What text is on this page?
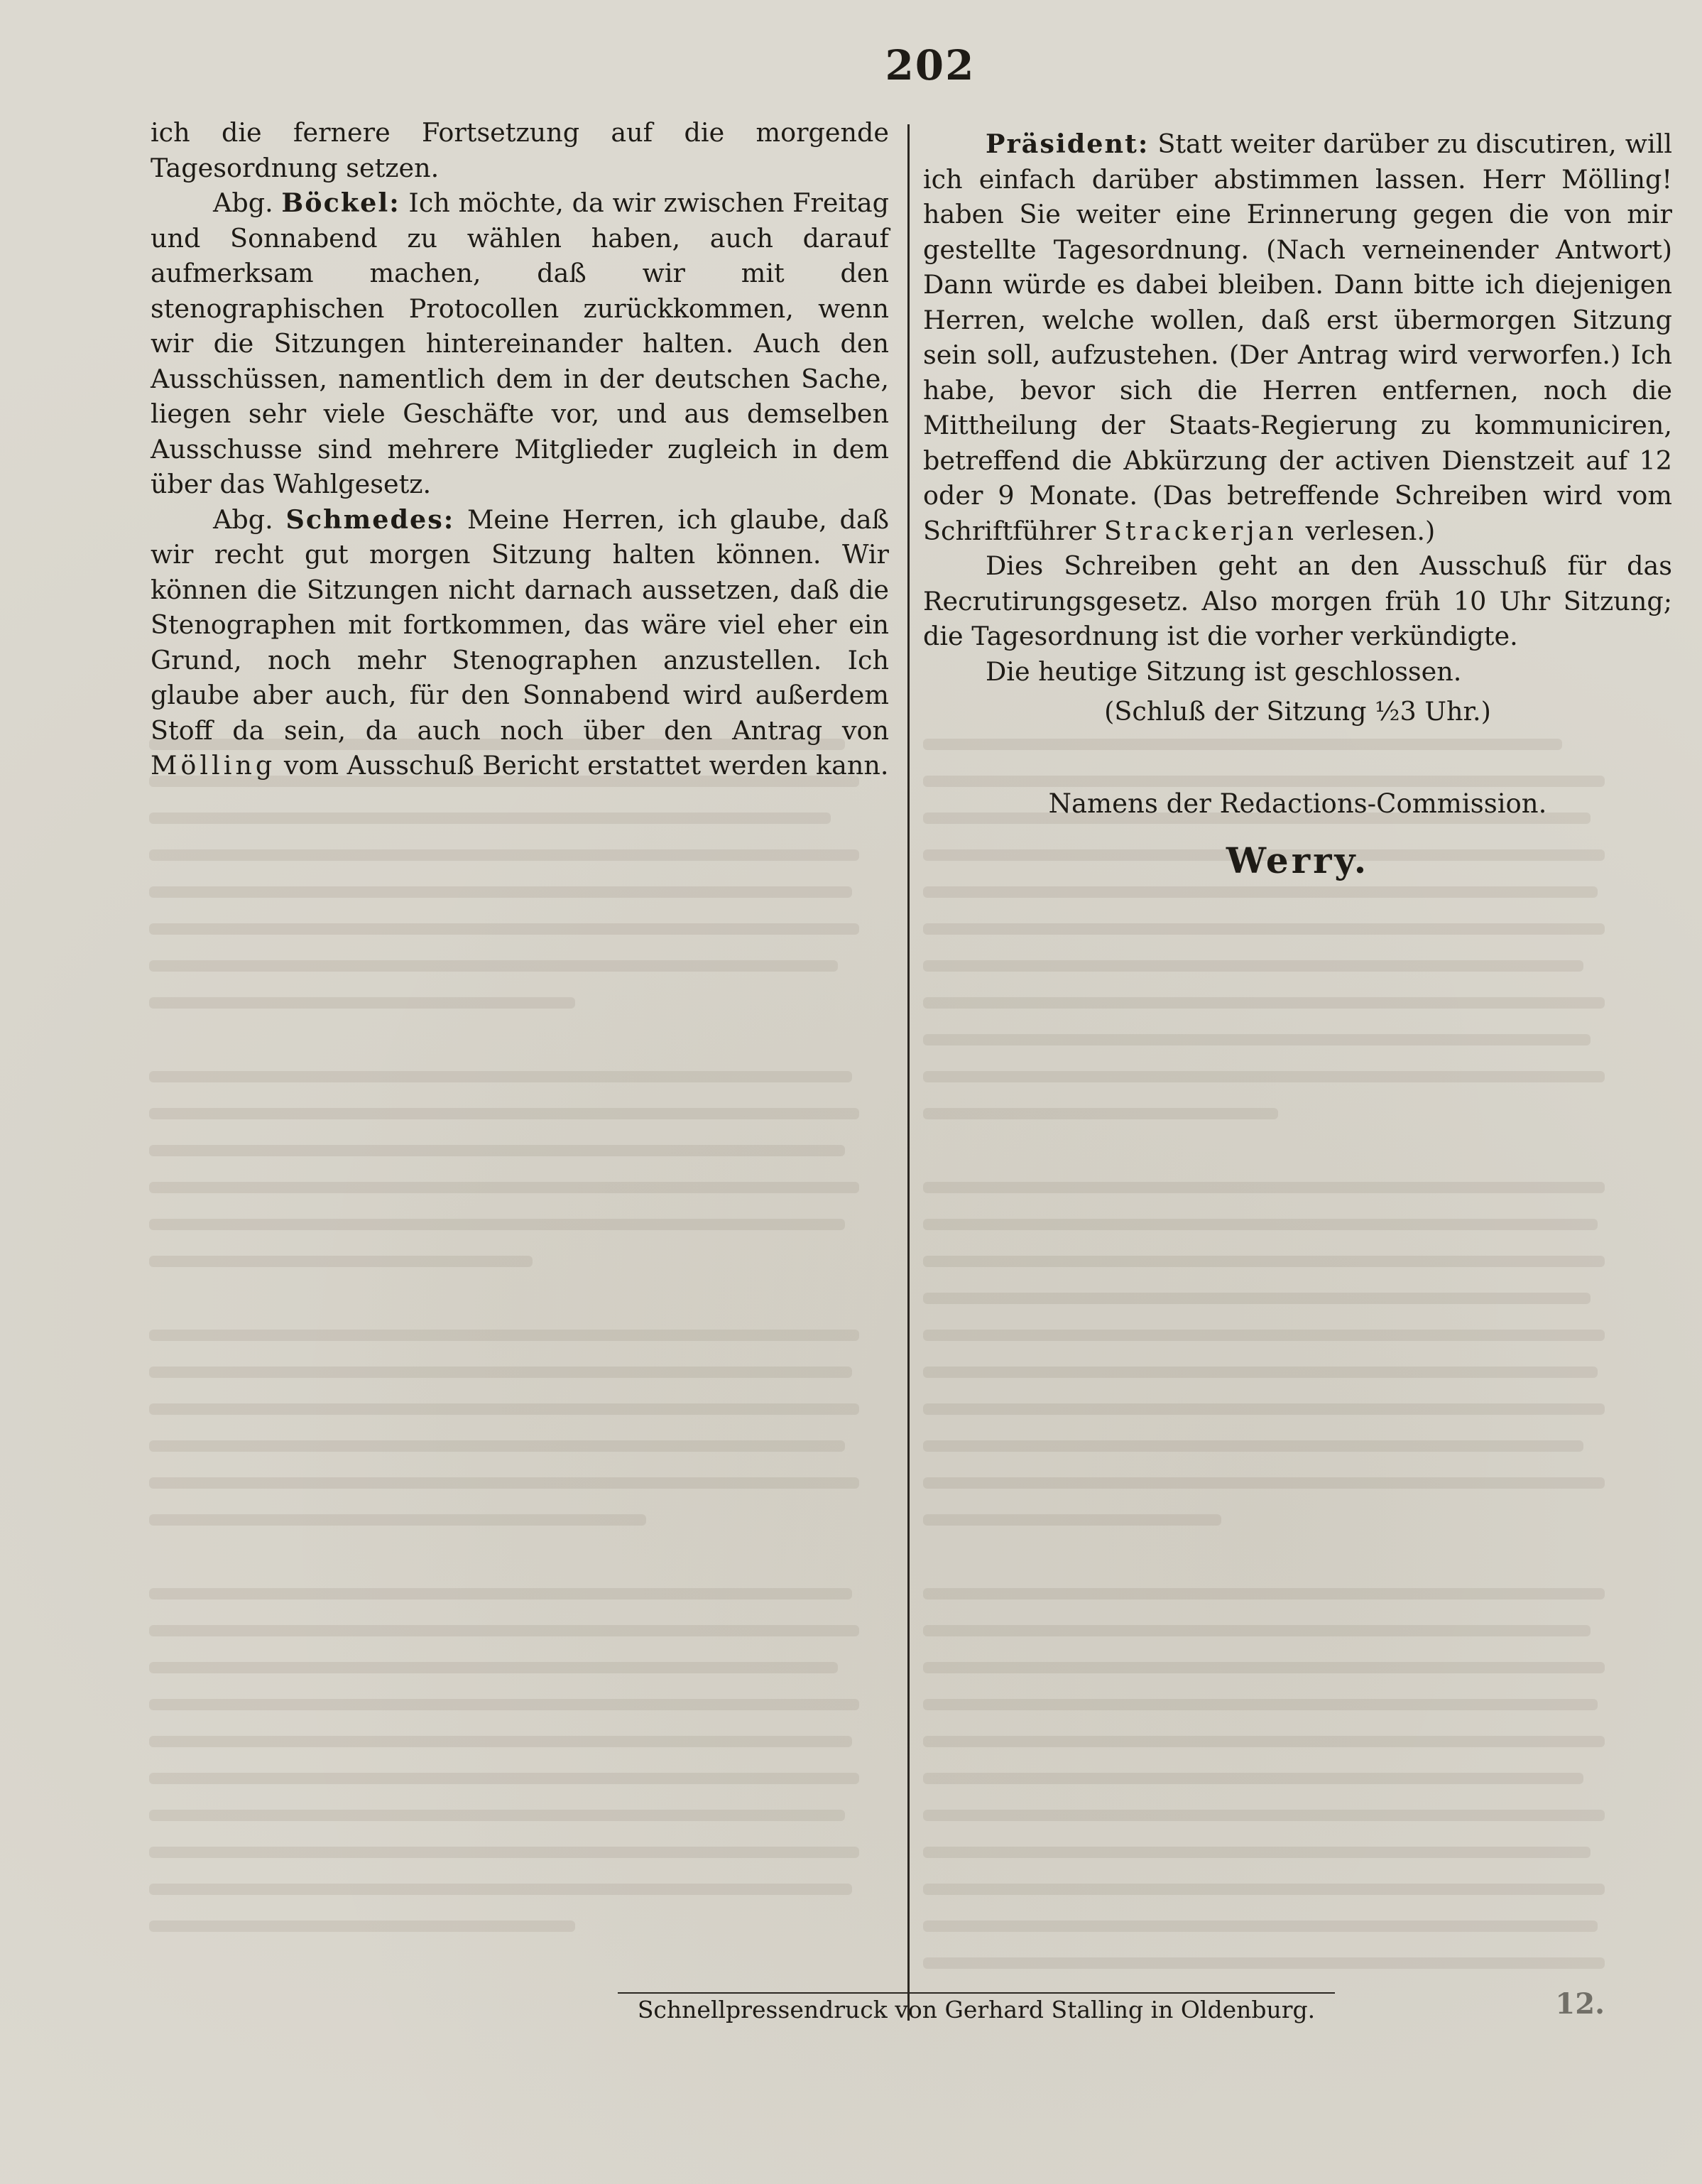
202

ich die fernere Fortsetzung auf die morgende Tagesordnung setzen.

Abg. Böckel: Ich möchte, da wir zwischen Freitag und Sonnabend zu wählen haben, auch darauf aufmerksam machen, daß wir mit den stenographischen Protocollen zurückkommen, wenn wir die Sitzungen hintereinander halten. Auch den Ausschüssen, namentlich dem in der deutschen Sache, liegen sehr viele Geschäfte vor, und aus demselben Ausschusse sind mehrere Mitglieder zugleich in dem über das Wahlgesetz.

Abg. Schmedes: Meine Herren, ich glaube, daß wir recht gut morgen Sitzung halten können. Wir können die Sitzungen nicht darnach aussetzen, daß die Stenographen mit fortkommen, das wäre viel eher ein Grund, noch mehr Stenographen anzustellen. Ich glaube aber auch, für den Sonnabend wird außerdem Stoff da sein, da auch noch über den Antrag von Mölling vom Ausschuß Bericht erstattet werden kann.

Präsident: Statt weiter darüber zu discutiren, will ich einfach darüber abstimmen lassen. Herr Mölling! haben Sie weiter eine Erinnerung gegen die von mir gestellte Tagesordnung. (Nach verneinender Antwort) Dann würde es dabei bleiben. Dann bitte ich diejenigen Herren, welche wollen, daß erst übermorgen Sitzung sein soll, aufzustehen. (Der Antrag wird verworfen.) Ich habe, bevor sich die Herren entfernen, noch die Mittheilung der Staats-Regierung zu kommuniciren, betreffend die Abkürzung der activen Dienstzeit auf 12 oder 9 Monate. (Das betreffende Schreiben wird vom Schriftführer Strackerjan verlesen.)

Dies Schreiben geht an den Ausschuß für das Recrutirungsgesetz. Also morgen früh 10 Uhr Sitzung; die Tagesordnung ist die vorher verkündigte.

Die heutige Sitzung ist geschlossen.

(Schluß der Sitzung ½3 Uhr.)
Namens der Redactions-Commission.
Werry.
Schnellpressendruck von Gerhard Stalling in Oldenburg.	12.
